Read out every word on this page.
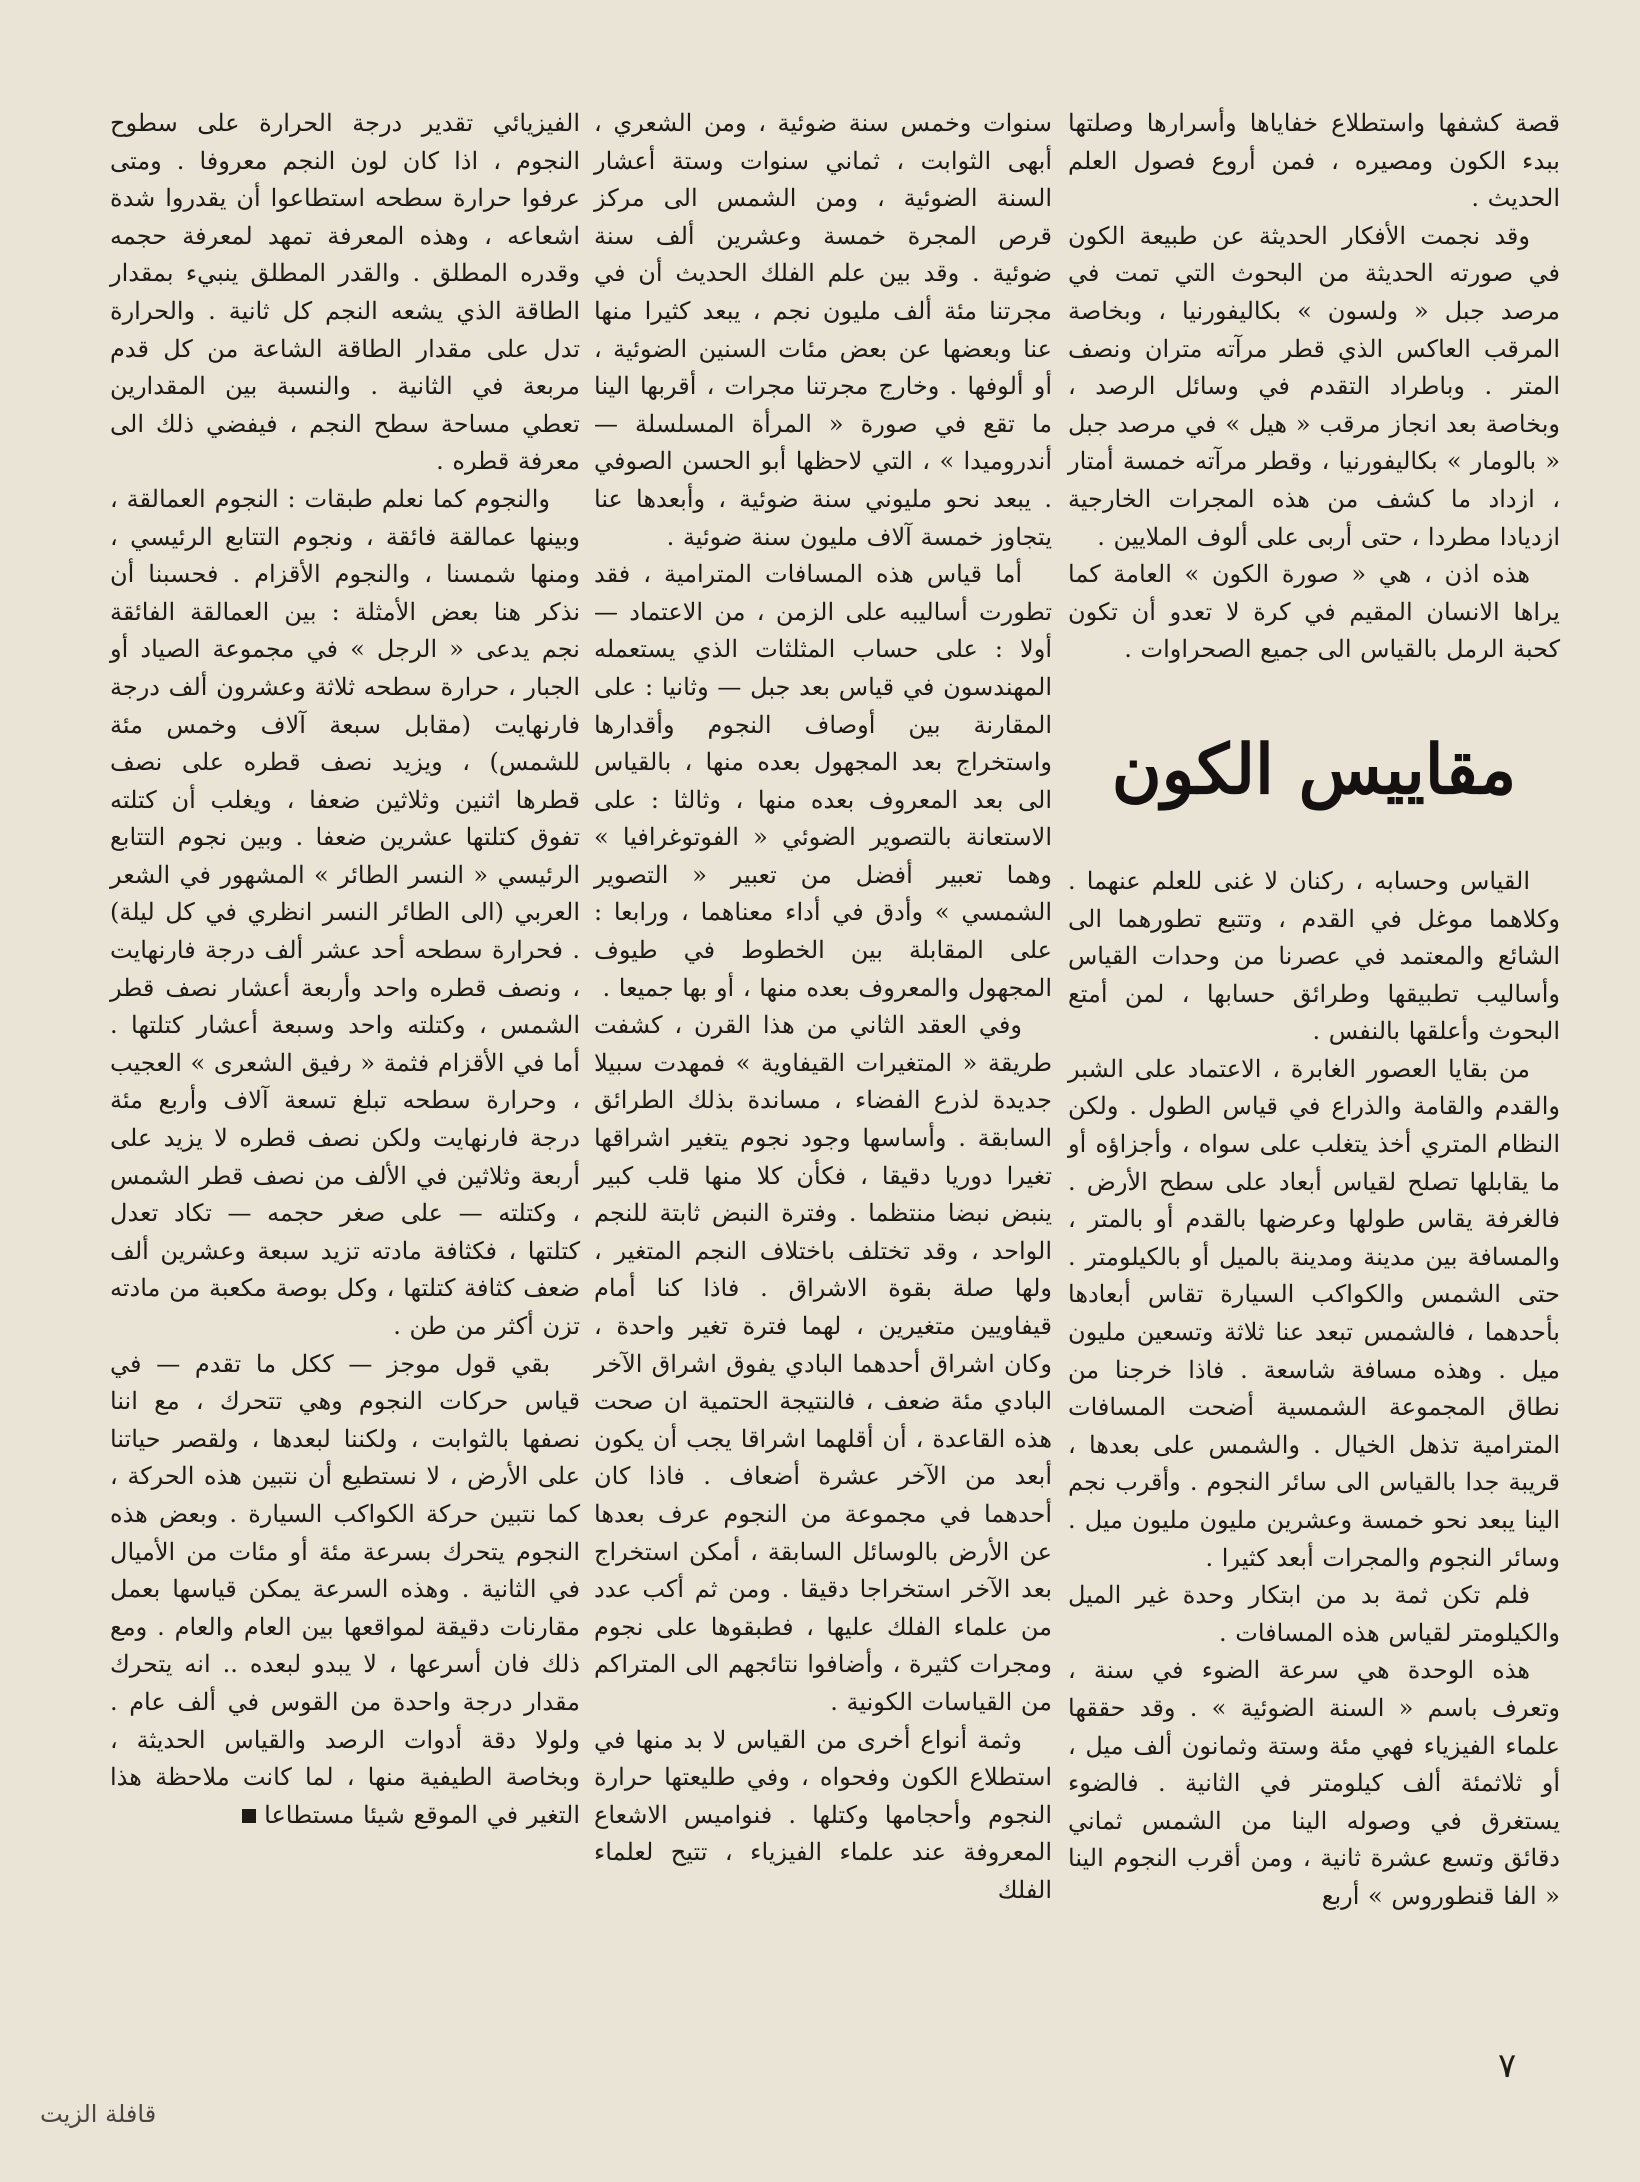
قصة كشفها واستطلاع خفاياها وأسرارها وصلتها ببدء الكون ومصيره ، فمن أروع فصول العلم الحديث .

وقد نجمت الأفكار الحديثة عن طبيعة الكون في صورته الحديثة من البحوث التي تمت في مرصد جبل « ولسون » بكاليفورنيا ، وبخاصة المرقب العاكس الذي قطر مرآته متران ونصف المتر . وباطراد التقدم في وسائل الرصد ، وبخاصة بعد انجاز مرقب « هيل » في مرصد جبل « بالومار » بكاليفورنيا ، وقطر مرآته خمسة أمتار ، ازداد ما كشف من هذه المجرات الخارجية ازديادا مطردا ، حتى أربى على ألوف الملايين .

هذه اذن ، هي « صورة الكون » العامة كما يراها الانسان المقيم في كرة لا تعدو أن تكون كحبة الرمل بالقياس الى جميع الصحراوات .

مقاييس الكون

القياس وحسابه ، ركنان لا غنى للعلم عنهما . وكلاهما موغل في القدم ، وتتبع تطورهما الى الشائع والمعتمد في عصرنا من وحدات القياس وأساليب تطبيقها وطرائق حسابها ، لمن أمتع البحوث وأعلقها بالنفس .

من بقايا العصور الغابرة ، الاعتماد على الشبر والقدم والقامة والذراع في قياس الطول . ولكن النظام المتري أخذ يتغلب على سواه ، وأجزاؤه أو ما يقابلها تصلح لقياس أبعاد على سطح الأرض . فالغرفة يقاس طولها وعرضها بالقدم أو بالمتر ، والمسافة بين مدينة ومدينة بالميل أو بالكيلومتر . حتى الشمس والكواكب السيارة تقاس أبعادها بأحدهما ، فالشمس تبعد عنا ثلاثة وتسعين مليون ميل . وهذه مسافة شاسعة . فاذا خرجنا من نطاق المجموعة الشمسية أضحت المسافات المترامية تذهل الخيال . والشمس على بعدها ، قريبة جدا بالقياس الى سائر النجوم . وأقرب نجم الينا يبعد نحو خمسة وعشرين مليون مليون ميل . وسائر النجوم والمجرات أبعد كثيرا .

فلم تكن ثمة بد من ابتكار وحدة غير الميل والكيلومتر لقياس هذه المسافات .

هذه الوحدة هي سرعة الضوء في سنة ، وتعرف باسم « السنة الضوئية » . وقد حققها علماء الفيزياء فهي مئة وستة وثمانون ألف ميل ، أو ثلاثمئة ألف كيلومتر في الثانية . فالضوء يستغرق في وصوله الينا من الشمس ثماني دقائق وتسع عشرة ثانية ، ومن أقرب النجوم الينا « الفا قنطوروس » أربع

سنوات وخمس سنة ضوئية ، ومن الشعري ، أبهى الثوابت ، ثماني سنوات وستة أعشار السنة الضوئية ، ومن الشمس الى مركز قرص المجرة خمسة وعشرين ألف سنة ضوئية . وقد بين علم الفلك الحديث أن في مجرتنا مئة ألف مليون نجم ، يبعد كثيرا منها عنا وبعضها عن بعض مئات السنين الضوئية ، أو ألوفها . وخارج مجرتنا مجرات ، أقربها الينا ما تقع في صورة « المرأة المسلسلة — أندروميدا » ، التي لاحظها أبو الحسن الصوفي . يبعد نحو مليوني سنة ضوئية ، وأبعدها عنا يتجاوز خمسة آلاف مليون سنة ضوئية .

أما قياس هذه المسافات المترامية ، فقد تطورت أساليبه على الزمن ، من الاعتماد — أولا : على حساب المثلثات الذي يستعمله المهندسون في قياس بعد جبل — وثانيا : على المقارنة بين أوصاف النجوم وأقدارها واستخراج بعد المجهول بعده منها ، بالقياس الى بعد المعروف بعده منها ، وثالثا : على الاستعانة بالتصوير الضوئي « الفوتوغرافيا » وهما تعبير أفضل من تعبير « التصوير الشمسي » وأدق في أداء معناهما ، ورابعا : على المقابلة بين الخطوط في طيوف المجهول والمعروف بعده منها ، أو بها جميعا .

وفي العقد الثاني من هذا القرن ، كشفت طريقة « المتغيرات القيفاوية » فمهدت سبيلا جديدة لذرع الفضاء ، مساندة بذلك الطرائق السابقة . وأساسها وجود نجوم يتغير اشراقها تغيرا دوريا دقيقا ، فكأن كلا منها قلب كبير ينبض نبضا منتظما . وفترة النبض ثابتة للنجم الواحد ، وقد تختلف باختلاف النجم المتغير ، ولها صلة بقوة الاشراق . فاذا كنا أمام قيفاويين متغيرين ، لهما فترة تغير واحدة ، وكان اشراق أحدهما البادي يفوق اشراق الآخر البادي مئة ضعف ، فالنتيجة الحتمية ان صحت هذه القاعدة ، أن أقلهما اشراقا يجب أن يكون أبعد من الآخر عشرة أضعاف . فاذا كان أحدهما في مجموعة من النجوم عرف بعدها عن الأرض بالوسائل السابقة ، أمكن استخراج بعد الآخر استخراجا دقيقا . ومن ثم أكب عدد من علماء الفلك عليها ، فطبقوها على نجوم ومجرات كثيرة ، وأضافوا نتائجهم الى المتراكم من القياسات الكونية .

وثمة أنواع أخرى من القياس لا بد منها في استطلاع الكون وفحواه ، وفي طليعتها حرارة النجوم وأحجامها وكتلها . فنواميس الاشعاع المعروفة عند علماء الفيزياء ، تتيح لعلماء الفلك

الفيزيائي تقدير درجة الحرارة على سطوح النجوم ، اذا كان لون النجم معروفا . ومتى عرفوا حرارة سطحه استطاعوا أن يقدروا شدة اشعاعه ، وهذه المعرفة تمهد لمعرفة حجمه وقدره المطلق . والقدر المطلق ينبيء بمقدار الطاقة الذي يشعه النجم كل ثانية . والحرارة تدل على مقدار الطاقة الشاعة من كل قدم مربعة في الثانية . والنسبة بين المقدارين تعطي مساحة سطح النجم ، فيفضي ذلك الى معرفة قطره .

والنجوم كما نعلم طبقات : النجوم العمالقة ، وبينها عمالقة فائقة ، ونجوم التتابع الرئيسي ، ومنها شمسنا ، والنجوم الأقزام . فحسبنا أن نذكر هنا بعض الأمثلة : بين العمالقة الفائقة نجم يدعى « الرجل » في مجموعة الصياد أو الجبار ، حرارة سطحه ثلاثة وعشرون ألف درجة فارنهايت (مقابل سبعة آلاف وخمس مئة للشمس) ، ويزيد نصف قطره على نصف قطرها اثنين وثلاثين ضعفا ، ويغلب أن كتلته تفوق كتلتها عشرين ضعفا . وبين نجوم التتابع الرئيسي « النسر الطائر » المشهور في الشعر العربي (الى الطائر النسر انظري في كل ليلة) . فحرارة سطحه أحد عشر ألف درجة فارنهايت ، ونصف قطره واحد وأربعة أعشار نصف قطر الشمس ، وكتلته واحد وسبعة أعشار كتلتها . أما في الأقزام فثمة « رفيق الشعرى » العجيب ، وحرارة سطحه تبلغ تسعة آلاف وأربع مئة درجة فارنهايت ولكن نصف قطره لا يزيد على أربعة وثلاثين في الألف من نصف قطر الشمس ، وكتلته — على صغر حجمه — تكاد تعدل كتلتها ، فكثافة مادته تزيد سبعة وعشرين ألف ضعف كثافة كتلتها ، وكل بوصة مكعبة من مادته تزن أكثر من طن .

بقي قول موجز — ككل ما تقدم — في قياس حركات النجوم وهي تتحرك ، مع اننا نصفها بالثوابت ، ولكننا لبعدها ، ولقصر حياتنا على الأرض ، لا نستطيع أن نتبين هذه الحركة ، كما نتبين حركة الكواكب السيارة . وبعض هذه النجوم يتحرك بسرعة مئة أو مئات من الأميال في الثانية . وهذه السرعة يمكن قياسها بعمل مقارنات دقيقة لمواقعها بين العام والعام . ومع ذلك فان أسرعها ، لا يبدو لبعده .. انه يتحرك مقدار درجة واحدة من القوس في ألف عام . ولولا دقة أدوات الرصد والقياس الحديثة ، وبخاصة الطيفية منها ، لما كانت ملاحظة هذا التغير في الموقع شيئا مستطاعا

٧
قافلة الزيت
